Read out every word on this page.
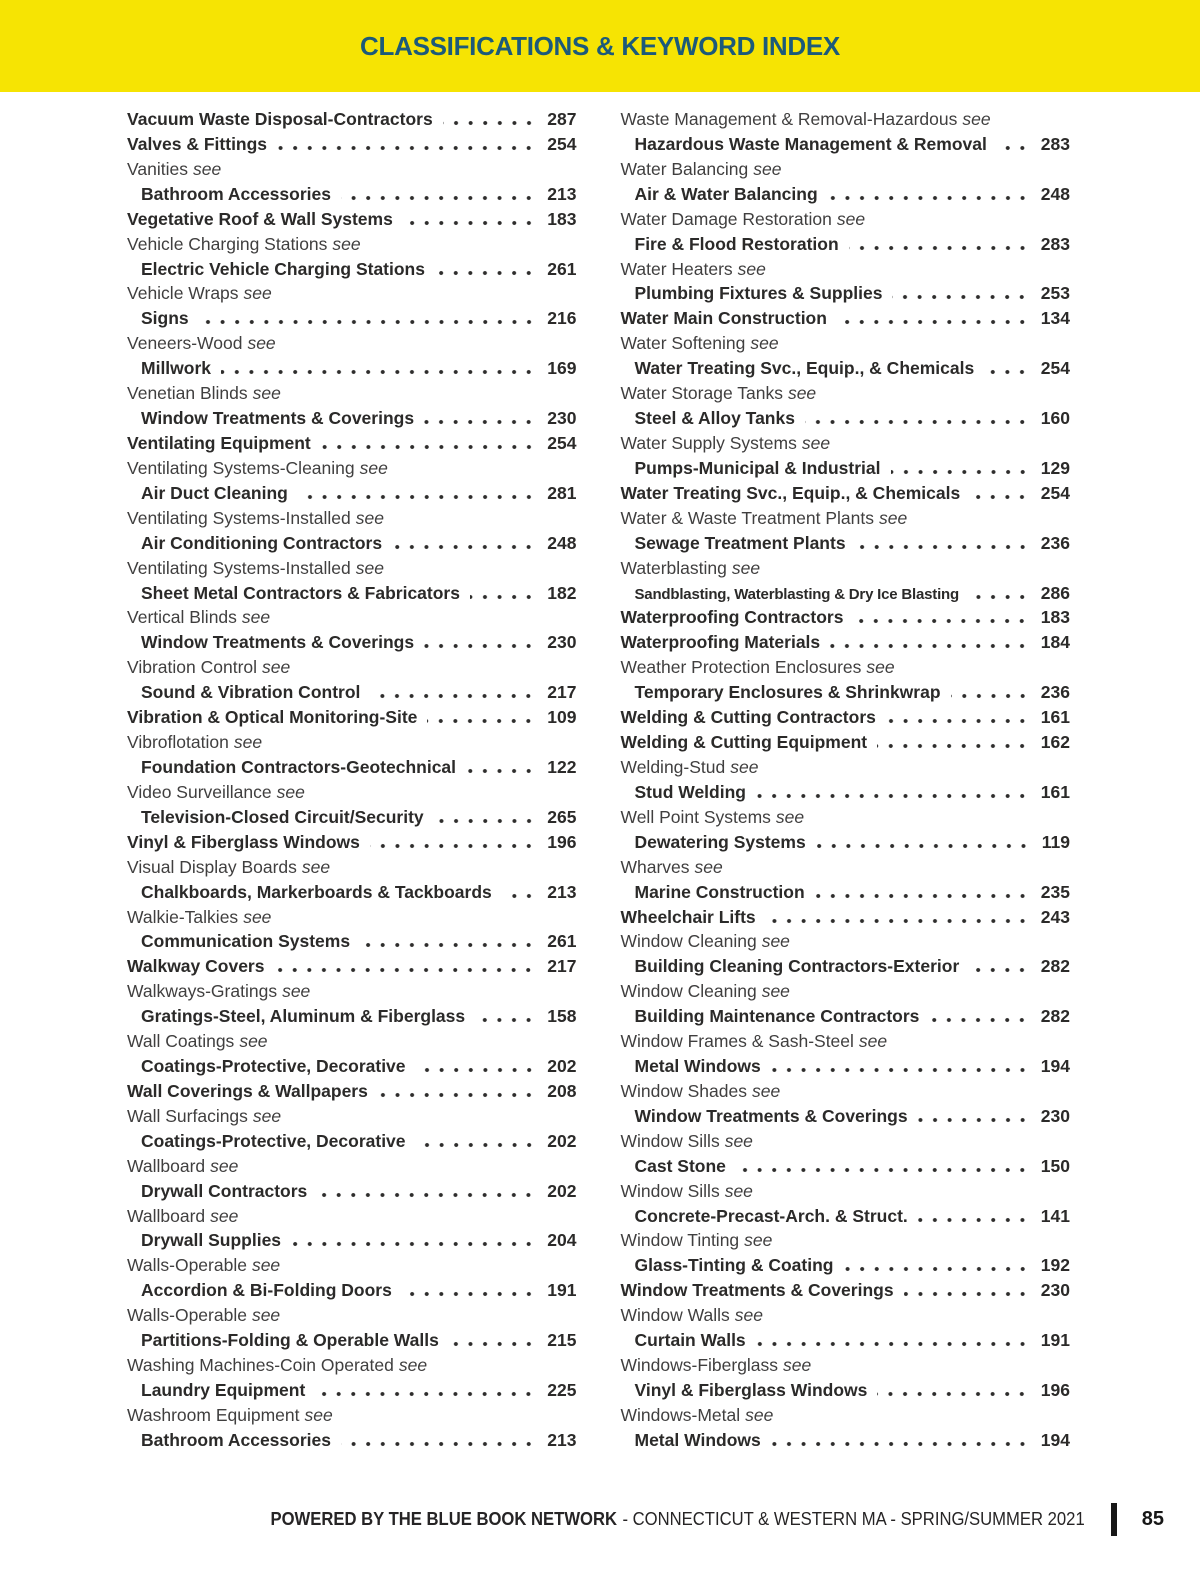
CLASSIFICATIONS & KEYWORD INDEX
Vacuum Waste Disposal-Contractors	287
Valves & Fittings	254
Vanities see
Bathroom Accessories	213
Vegetative Roof & Wall Systems	183
Vehicle Charging Stations see
Electric Vehicle Charging Stations	261
Vehicle Wraps see
Signs	216
Veneers-Wood see
Millwork	169
Venetian Blinds see
Window Treatments & Coverings	230
Ventilating Equipment	254
Ventilating Systems-Cleaning see
Air Duct Cleaning	281
Ventilating Systems-Installed see
Air Conditioning Contractors	248
Ventilating Systems-Installed see
Sheet Metal Contractors & Fabricators	182
Vertical Blinds see
Window Treatments & Coverings	230
Vibration Control see
Sound & Vibration Control	217
Vibration & Optical Monitoring-Site	109
Vibroflotation see
Foundation Contractors-Geotechnical	122
Video Surveillance see
Television-Closed Circuit/Security	265
Vinyl & Fiberglass Windows	196
Visual Display Boards see
Chalkboards, Markerboards & Tackboards	213
Walkie-Talkies see
Communication Systems	261
Walkway Covers	217
Walkways-Gratings see
Gratings-Steel, Aluminum & Fiberglass	158
Wall Coatings see
Coatings-Protective, Decorative	202
Wall Coverings & Wallpapers	208
Wall Surfacings see
Coatings-Protective, Decorative	202
Wallboard see
Drywall Contractors	202
Wallboard see
Drywall Supplies	204
Walls-Operable see
Accordion & Bi-Folding Doors	191
Walls-Operable see
Partitions-Folding & Operable Walls	215
Washing Machines-Coin Operated see
Laundry Equipment	225
Washroom Equipment see
Bathroom Accessories	213
Waste Management & Removal-Hazardous see
Hazardous Waste Management & Removal	283
Water Balancing see
Air & Water Balancing	248
Water Damage Restoration see
Fire & Flood Restoration	283
Water Heaters see
Plumbing Fixtures & Supplies	253
Water Main Construction	134
Water Softening see
Water Treating Svc., Equip., & Chemicals	254
Water Storage Tanks see
Steel & Alloy Tanks	160
Water Supply Systems see
Pumps-Municipal & Industrial	129
Water Treating Svc., Equip., & Chemicals	254
Water & Waste Treatment Plants see
Sewage Treatment Plants	236
Waterblasting see
Sandblasting, Waterblasting & Dry Ice Blasting	286
Waterproofing Contractors	183
Waterproofing Materials	184
Weather Protection Enclosures see
Temporary Enclosures & Shrinkwrap	236
Welding & Cutting Contractors	161
Welding & Cutting Equipment	162
Welding-Stud see
Stud Welding	161
Well Point Systems see
Dewatering Systems	119
Wharves see
Marine Construction	235
Wheelchair Lifts	243
Window Cleaning see
Building Cleaning Contractors-Exterior	282
Window Cleaning see
Building Maintenance Contractors	282
Window Frames & Sash-Steel see
Metal Windows	194
Window Shades see
Window Treatments & Coverings	230
Window Sills see
Cast Stone	150
Window Sills see
Concrete-Precast-Arch. & Struct.	141
Window Tinting see
Glass-Tinting & Coating	192
Window Treatments & Coverings	230
Window Walls see
Curtain Walls	191
Windows-Fiberglass see
Vinyl & Fiberglass Windows	196
Windows-Metal see
Metal Windows	194
POWERED BY THE BLUE BOOK NETWORK - CONNECTICUT & WESTERN MA - SPRING/SUMMER 2021	85
